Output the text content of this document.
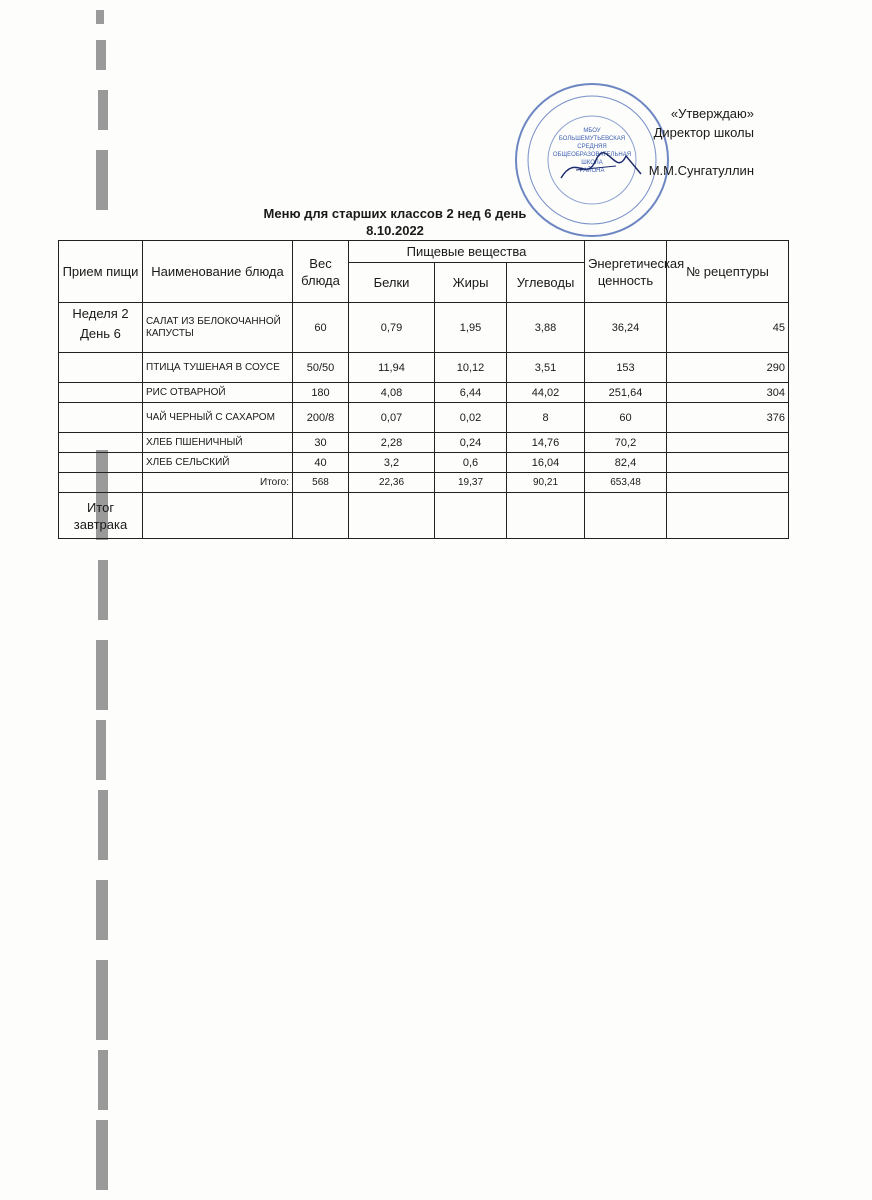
МБОУ
БОЛЬШЕМУТЬЕВСКАЯ
СРЕДНЯЯ
ОБЩЕОБРАЗОВАТЕЛЬНАЯ
ШКОЛА
РАЙОНА
«Утверждаю»
Директор школы
М.М.Сунгатуллин
Меню для старших классов 2 нед 6 день
8.10.2022
Прием пищи	Наименование блюда	Вес блюда	Пищевые вещества			Энергетическая ценность	№ рецептуры
			Белки	Жиры	Углеводы		

Неделя 2
День 6	САЛАТ ИЗ БЕЛОКОЧАННОЙ КАПУСТЫ	60	0,79	1,95	3,88	36,24	45
	ПТИЦА ТУШЕНАЯ В СОУСЕ	50/50	11,94	10,12	3,51	153	290
	РИС ОТВАРНОЙ	180	4,08	6,44	44,02	251,64	304
	ЧАЙ ЧЕРНЫЙ С САХАРОМ	200/8	0,07	0,02	8	60	376
	ХЛЕБ ПШЕНИЧНЫЙ	30	2,28	0,24	14,76	70,2	
	ХЛЕБ СЕЛЬСКИЙ	40	3,2	0,6	16,04	82,4	
	Итого:	568	22,36	19,37	90,21	653,48	
Итог завтрака							
